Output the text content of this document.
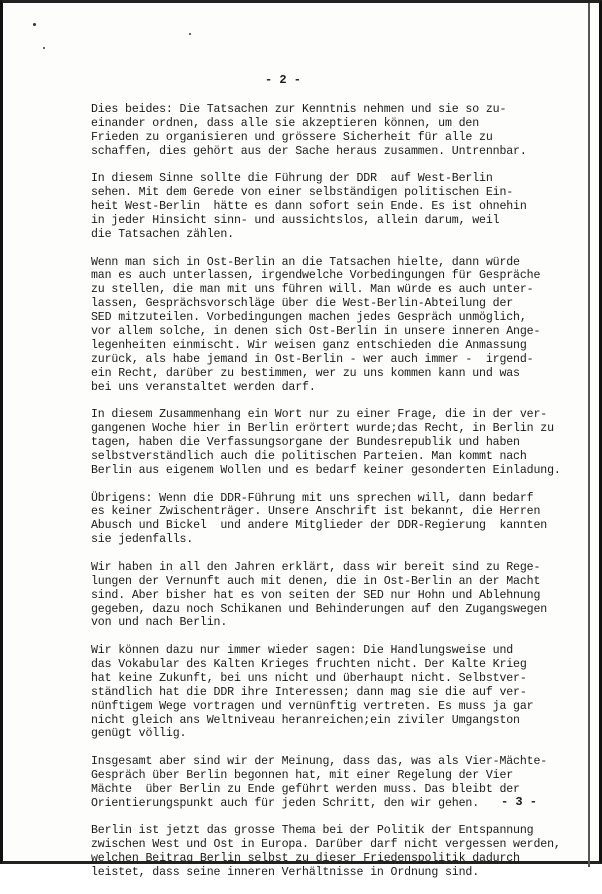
- 2 -
Dies beides: Die Tatsachen zur Kenntnis nehmen und sie so zu-
einander ordnen, dass alle sie akzeptieren können, um den
Frieden zu organisieren und grössere Sicherheit für alle zu
schaffen, dies gehört aus der Sache heraus zusammen. Untrennbar.
In diesem Sinne sollte die Führung der DDR  auf West-Berlin
sehen. Mit dem Gerede von einer selbständigen politischen Ein-
heit West-Berlin  hätte es dann sofort sein Ende. Es ist ohnehin
in jeder Hinsicht sinn- und aussichtslos, allein darum, weil
die Tatsachen zählen.
Wenn man sich in Ost-Berlin an die Tatsachen hielte, dann würde
man es auch unterlassen, irgendwelche Vorbedingungen für Gespräche
zu stellen, die man mit uns führen will. Man würde es auch unter-
lassen, Gesprächsvorschläge über die West-Berlin-Abteilung der
SED mitzuteilen. Vorbedingungen machen jedes Gespräch unmöglich,
vor allem solche, in denen sich Ost-Berlin in unsere inneren Ange-
legenheiten einmischt. Wir weisen ganz entschieden die Anmassung
zurück, als habe jemand in Ost-Berlin - wer auch immer -  irgend-
ein Recht, darüber zu bestimmen, wer zu uns kommen kann und was
bei uns veranstaltet werden darf.
In diesem Zusammenhang ein Wort nur zu einer Frage, die in der ver-
gangenen Woche hier in Berlin erörtert wurde;das Recht, in Berlin zu
tagen, haben die Verfassungsorgane der Bundesrepublik und haben
selbstverständlich auch die politischen Parteien. Man kommt nach
Berlin aus eigenem Wollen und es bedarf keiner gesonderten Einladung.
Übrigens: Wenn die DDR-Führung mit uns sprechen will, dann bedarf
es keiner Zwischenträger. Unsere Anschrift ist bekannt, die Herren
Abusch und Bickel  und andere Mitglieder der DDR-Regierung  kannten
sie jedenfalls.
Wir haben in all den Jahren erklärt, dass wir bereit sind zu Rege-
lungen der Vernunft auch mit denen, die in Ost-Berlin an der Macht
sind. Aber bisher hat es von seiten der SED nur Hohn und Ablehnung
gegeben, dazu noch Schikanen und Behinderungen auf den Zugangswegen
von und nach Berlin.
Wir können dazu nur immer wieder sagen: Die Handlungsweise und
das Vokabular des Kalten Krieges fruchten nicht. Der Kalte Krieg
hat keine Zukunft, bei uns nicht und überhaupt nicht. Selbstver-
ständlich hat die DDR ihre Interessen; dann mag sie die auf ver-
nünftigem Wege vortragen und vernünftig vertreten. Es muss ja gar
nicht gleich ans Weltniveau heranreichen;ein ziviler Umgangston
genügt völlig.
Insgesamt aber sind wir der Meinung, dass das, was als Vier-Mächte-
Gespräch über Berlin begonnen hat, mit einer Regelung der Vier
Mächte  über Berlin zu Ende geführt werden muss. Das bleibt der
Orientierungspunkt auch für jeden Schritt, den wir gehen.
Berlin ist jetzt das grosse Thema bei der Politik der Entspannung
zwischen West und Ost in Europa. Darüber darf nicht vergessen werden,
welchen Beitrag Berlin selbst zu dieser Friedenspolitik dadurch
leistet, dass seine inneren Verhältnisse in Ordnung sind.
- 3 -
